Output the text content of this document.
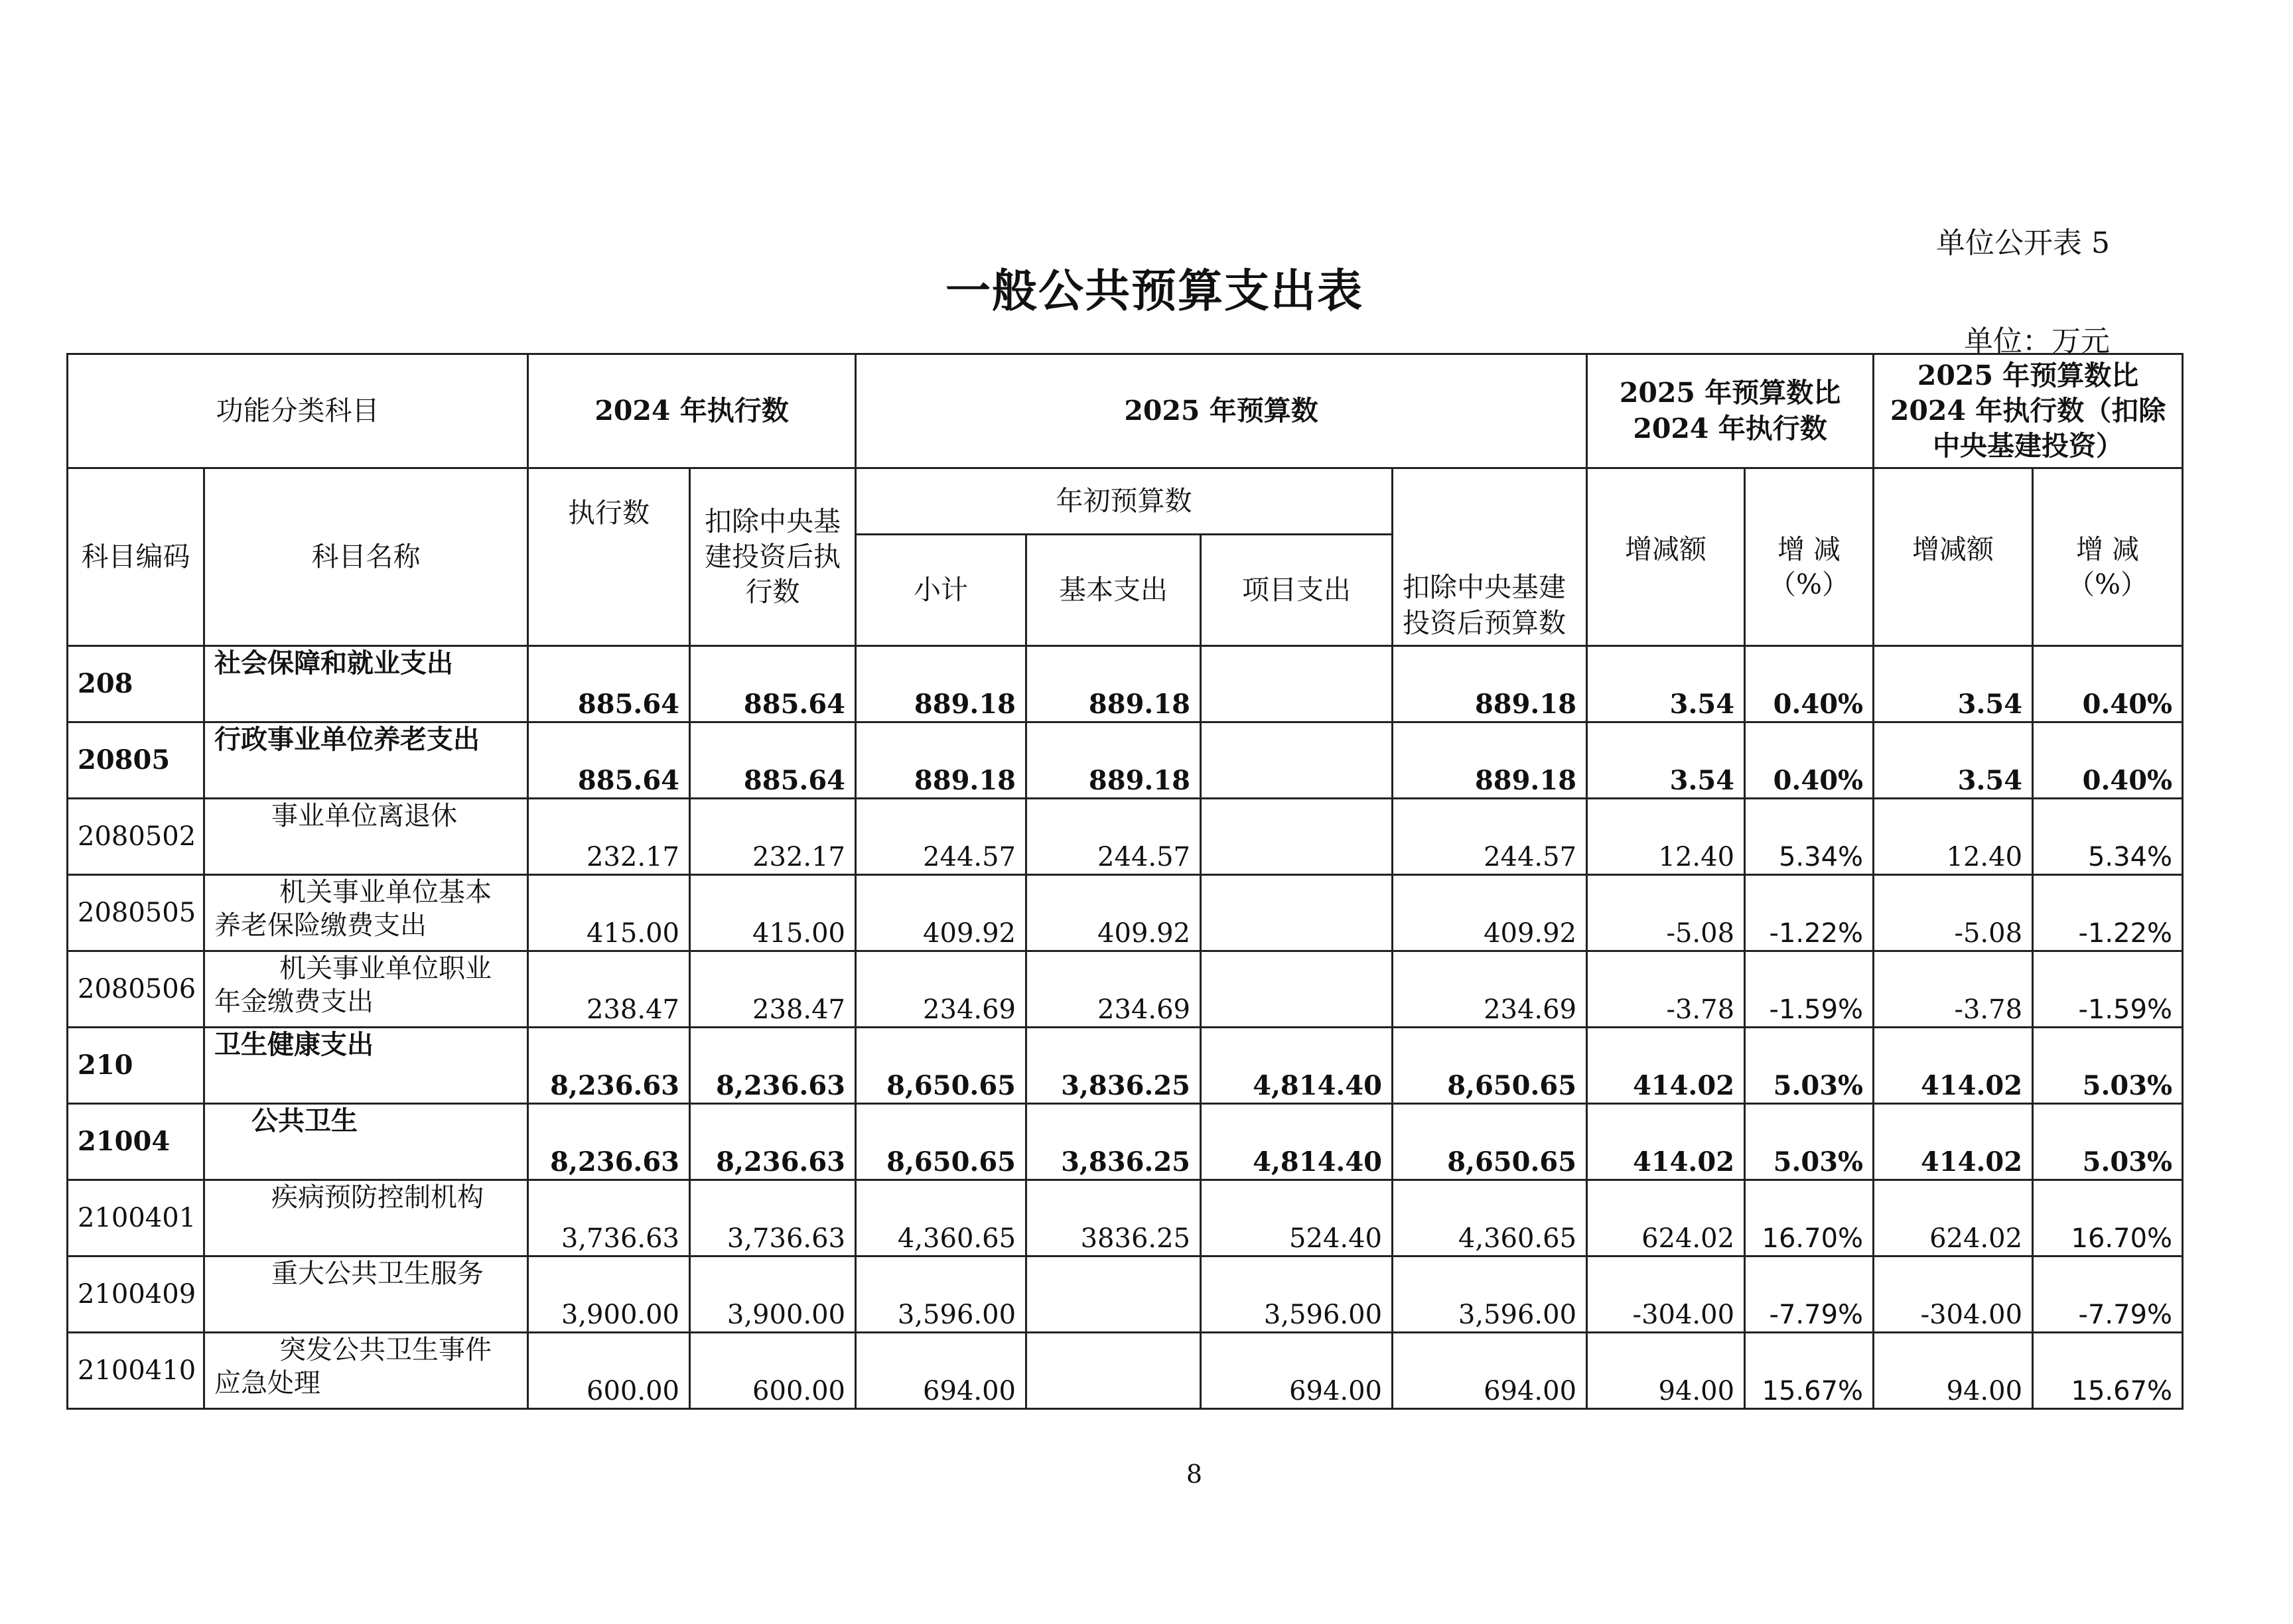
单位公开表 5
一般公共预算支出表
单位：万元
功能分类科目		2024 年执行数		2025 年预算数				2025 年预算数比 2024 年执行数		2025 年预算数比 2024 年执行数（扣除中央基建投资）	
科目编码	科目名称	执行数	扣除中央基建投资后执行数	年初预算数			扣除中央基建投资后预算数	增减额	增 减（%）	增减额	增 减（%）
				小计	基本支出	项目支出					
208	社会保障和就业支出	885.64	885.64	889.18	889.18		889.18	3.54	0.40%	3.54	0.40%
20805	行政事业单位养老支出	885.64	885.64	889.18	889.18		889.18	3.54	0.40%	3.54	0.40%
2080502	事业单位离退休	232.17	232.17	244.57	244.57		244.57	12.40	5.34%	12.40	5.34%
2080505	机关事业单位基本养老保险缴费支出	415.00	415.00	409.92	409.92		409.92	-5.08	-1.22%	-5.08	-1.22%
2080506	机关事业单位职业年金缴费支出	238.47	238.47	234.69	234.69		234.69	-3.78	-1.59%	-3.78	-1.59%
210	卫生健康支出	8,236.63	8,236.63	8,650.65	3,836.25	4,814.40	8,650.65	414.02	5.03%	414.02	5.03%
21004	公共卫生	8,236.63	8,236.63	8,650.65	3,836.25	4,814.40	8,650.65	414.02	5.03%	414.02	5.03%
2100401	疾病预防控制机构	3,736.63	3,736.63	4,360.65	3836.25	524.40	4,360.65	624.02	16.70%	624.02	16.70%
2100409	重大公共卫生服务	3,900.00	3,900.00	3,596.00		3,596.00	3,596.00	-304.00	-7.79%	-304.00	-7.79%
2100410	突发公共卫生事件应急处理	600.00	600.00	694.00		694.00	694.00	94.00	15.67%	94.00	15.67%
8
